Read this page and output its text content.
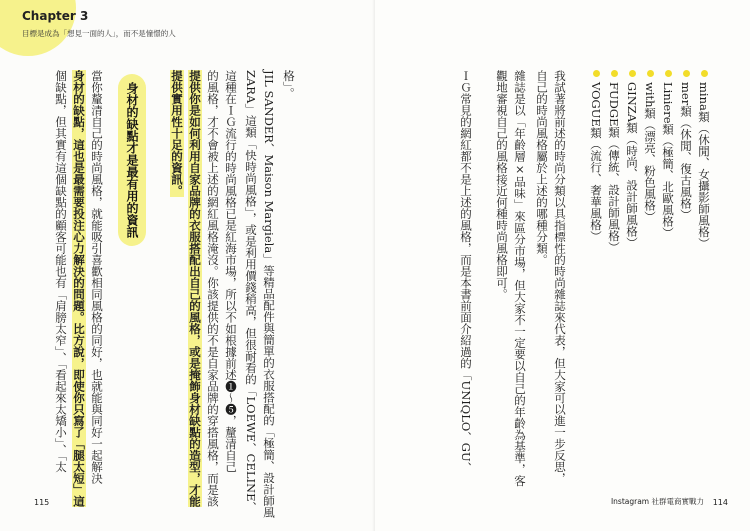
Chapter 3
目標是成為「想見一面的人」，而不是憧憬的人
格」。
JIL SANDER、Maison Margiela」等精品配件與簡單的衣服搭配的「極簡、設計師風
ZARA」這類「快時尚風格」，或是利用價錢稍高，但很耐看的「LOEWE、CELINE、
這種在ＩＧ流行的時尚風格已是紅海市場，所以不如根據前述❶～❺，釐清自己
的風格，才不會被上述的網紅風格淹沒。你該提供的不是自家品牌的穿搭風格，而是該
提供你是如何利用自家品牌的衣服搭配出自己的風格，或是掩飾身材缺點的造型，才能
提供實用性十足的資訊。
身材的缺點才是最有用的資訊
當你釐清自己的時尚風格，就能吸引喜歡相同風格的同好，也就能與同好一起解決
身材的缺點，這也是最需要投注心力解決的問題。比方說，即使你只寫了「腿太短」這
個缺點，但其實有這個缺點的顧客可能也有「肩膀太窄」、「看起來太矯小」、「太
115
mina類（休閒、女攝影師風格）
mer類（休閒、復古風格）
Liniere類（極簡、北歐風格）
with類（漂亮、粉色風格）
GINZA類（時尚、設計師風格）
FUDGE類（傳統、設計師風格）
VOGUE類（流行、奢華風格）
我試著將前述的時尚分類以具指標性的時尚雜誌來代表，但大家可以進一步反思，
自己的時尚風格屬於上述的哪種分類。
雜誌是以「年齡層×品味」來區分市場，但大家不一定要以自己的年齡為基準，客
觀地審視自己的風格接近何種時尚風格即可。
ＩＧ常見的網紅都不是上述的風格，而是本書前面介紹過的「UNIQLO、GU、
Instagram 社群電商實戰力 114
